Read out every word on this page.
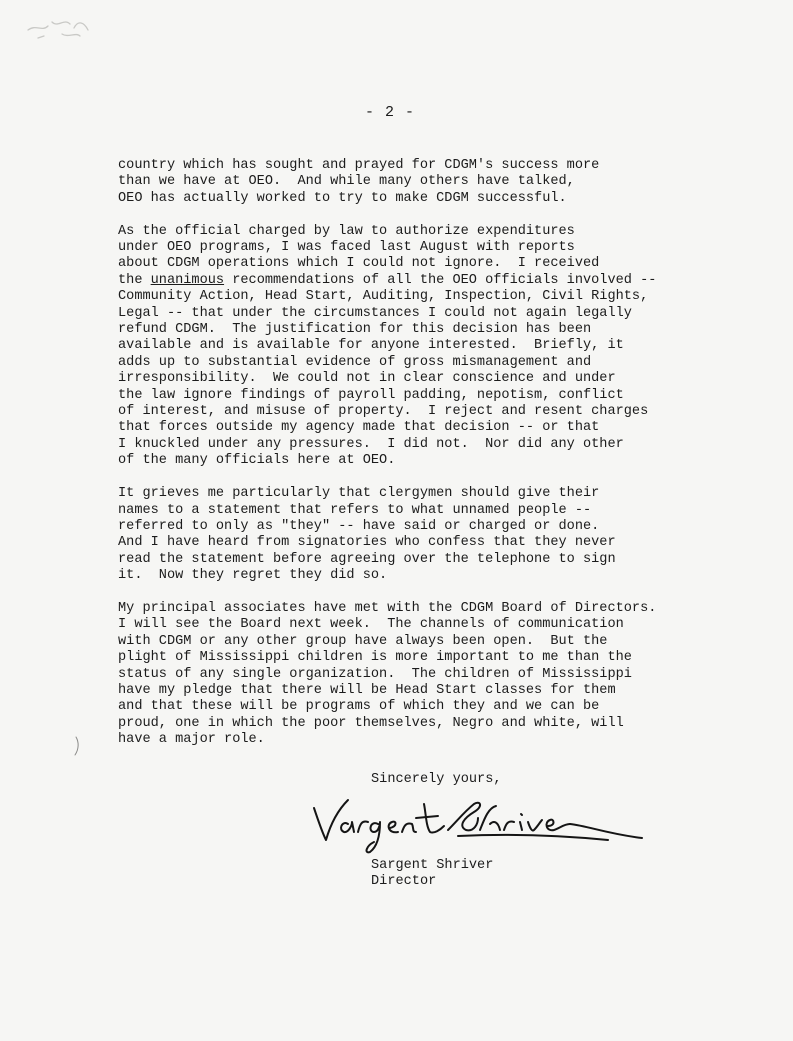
- 2 -
country which has sought and prayed for CDGM's success more
than we have at OEO.  And while many others have talked,
OEO has actually worked to try to make CDGM successful.
As the official charged by law to authorize expenditures
under OEO programs, I was faced last August with reports
about CDGM operations which I could not ignore.  I received
the unanimous recommendations of all the OEO officials involved --
Community Action, Head Start, Auditing, Inspection, Civil Rights,
Legal -- that under the circumstances I could not again legally
refund CDGM.  The justification for this decision has been
available and is available for anyone interested.  Briefly, it
adds up to substantial evidence of gross mismanagement and
irresponsibility.  We could not in clear conscience and under
the law ignore findings of payroll padding, nepotism, conflict
of interest, and misuse of property.  I reject and resent charges
that forces outside my agency made that decision -- or that
I knuckled under any pressures.  I did not.  Nor did any other
of the many officials here at OEO.
It grieves me particularly that clergymen should give their
names to a statement that refers to what unnamed people --
referred to only as "they" -- have said or charged or done.
And I have heard from signatories who confess that they never
read the statement before agreeing over the telephone to sign
it.  Now they regret they did so.
My principal associates have met with the CDGM Board of Directors.
I will see the Board next week.  The channels of communication
with CDGM or any other group have always been open.  But the
plight of Mississippi children is more important to me than the
status of any single organization.  The children of Mississippi
have my pledge that there will be Head Start classes for them
and that these will be programs of which they and we can be
proud, one in which the poor themselves, Negro and white, will
have a major role.
Sincerely yours,
Sargent Shriver
Director
